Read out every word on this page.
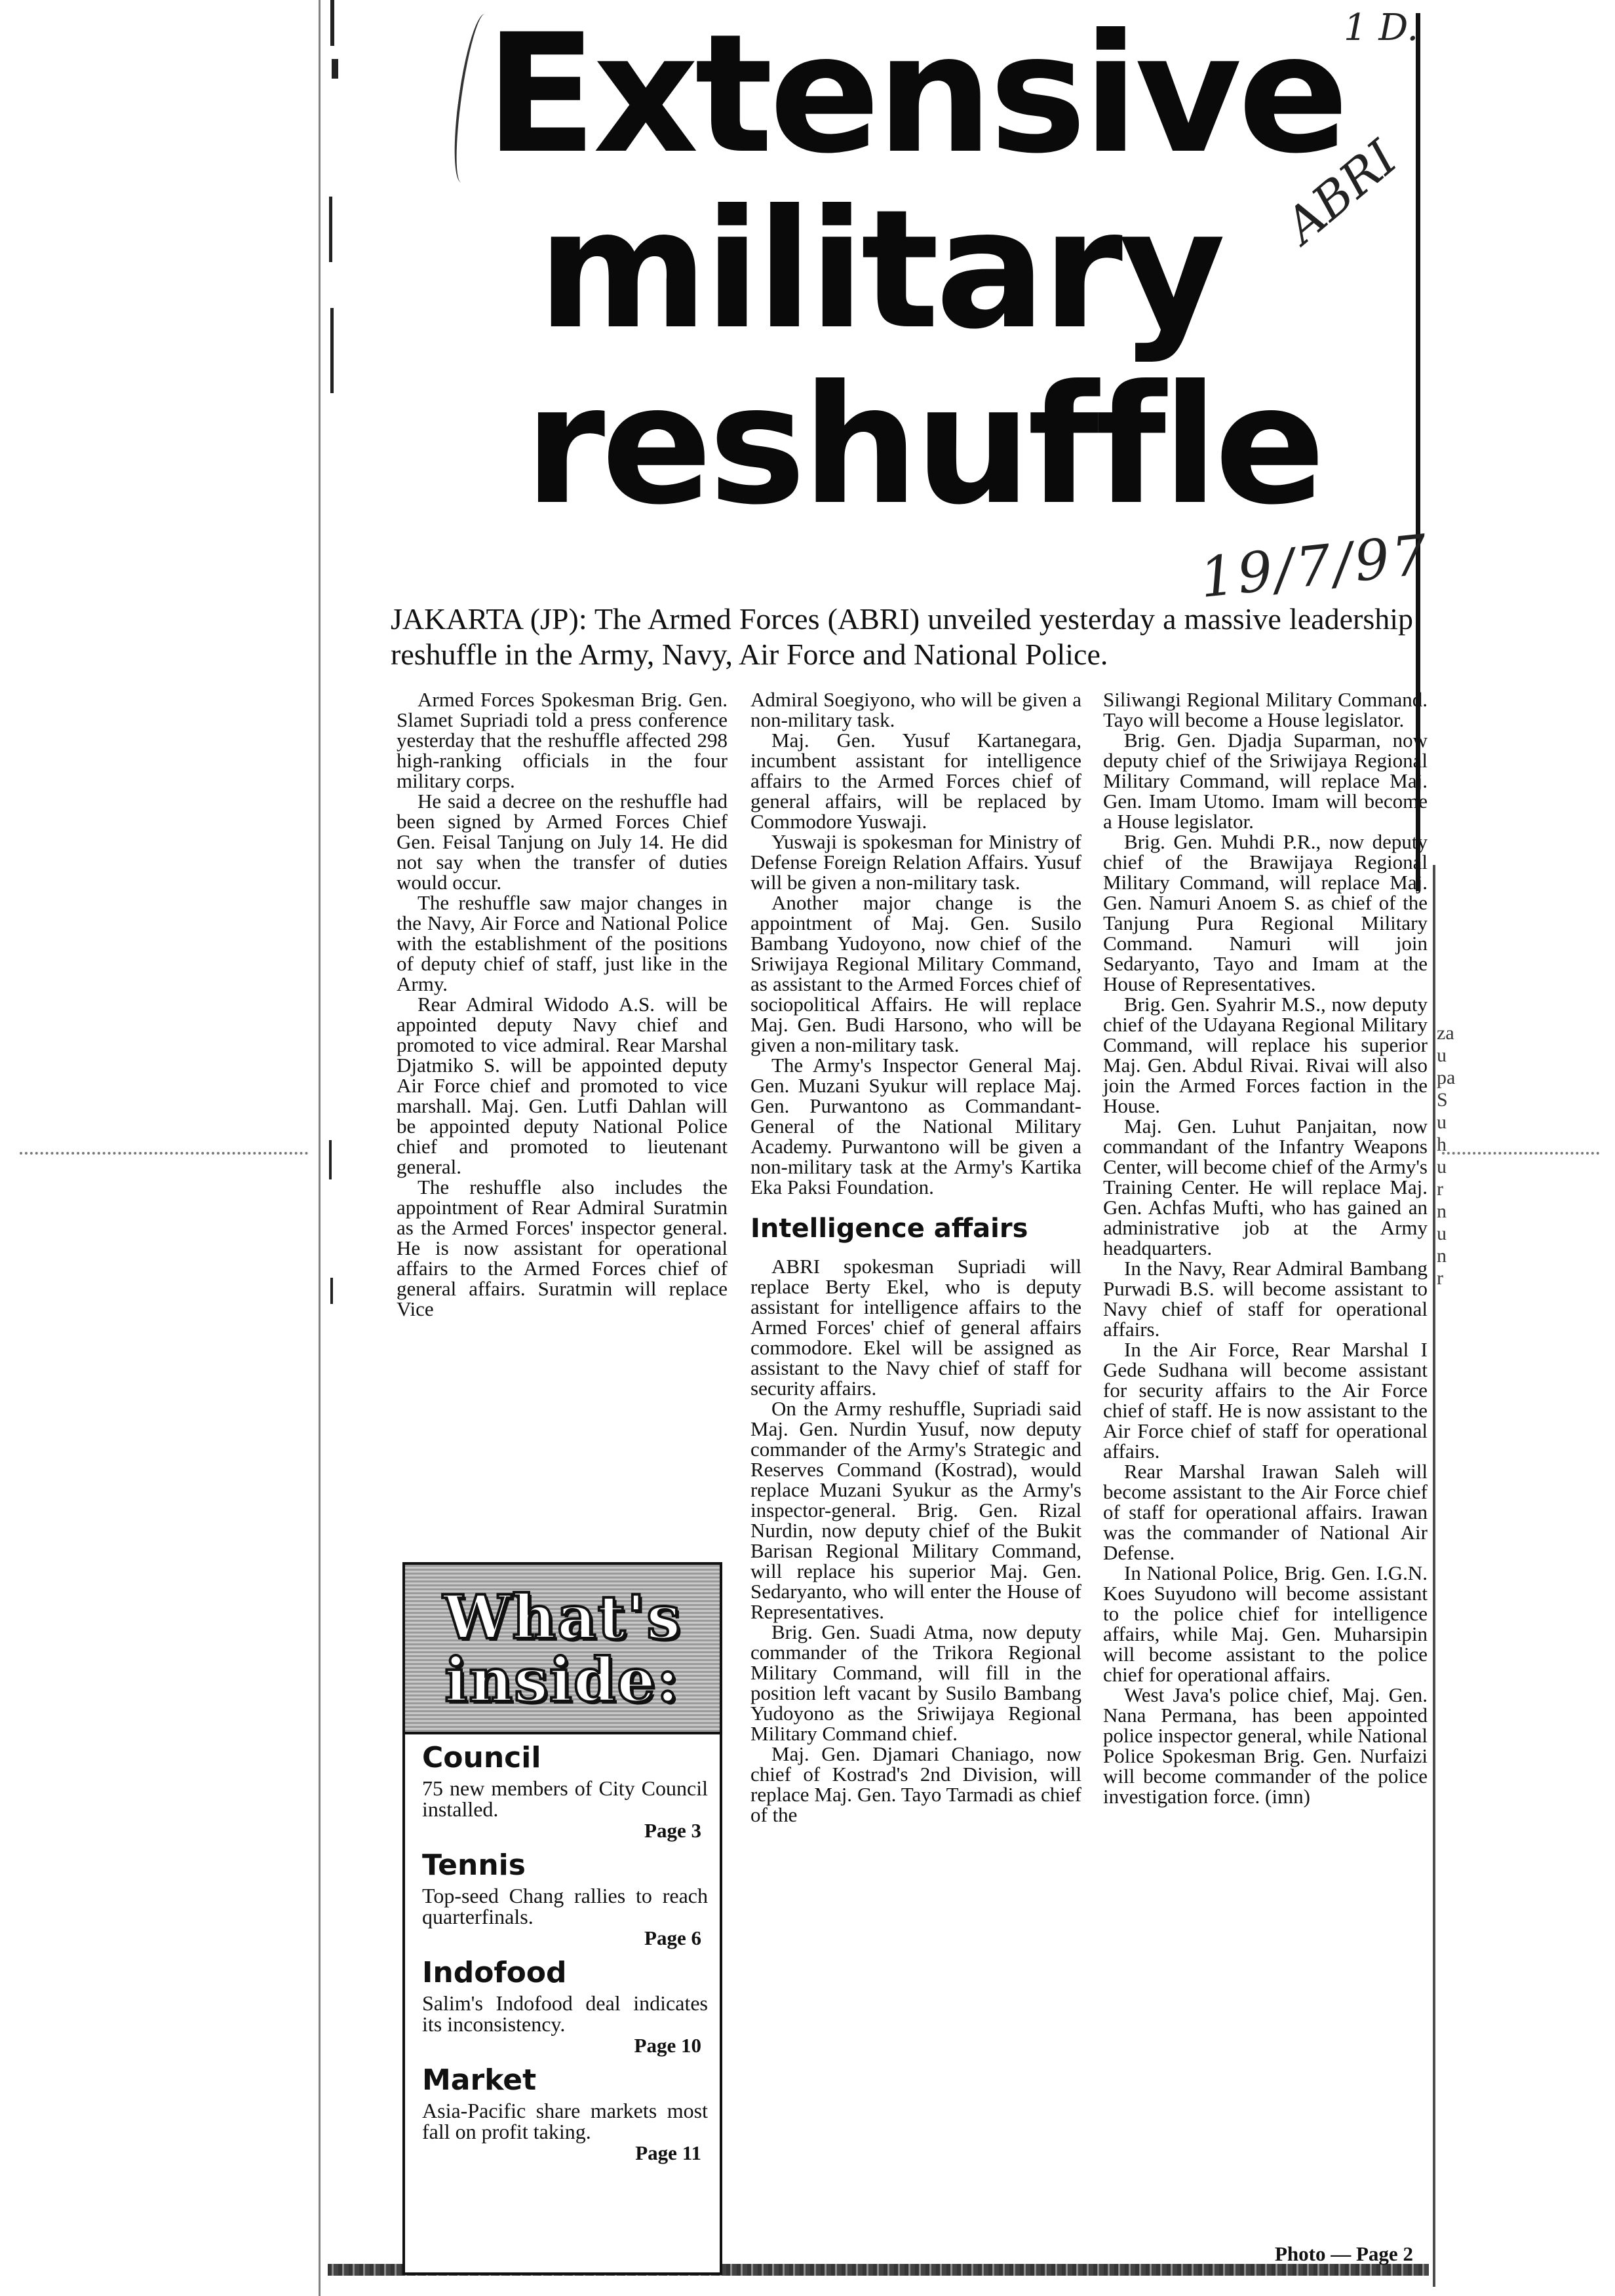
Extensive
military
reshuffle
1 D.
ABRI
19/7/97
JAKARTA (JP): The Armed Forces (ABRI) unveiled yesterday a massive leadership reshuffle in the Army, Navy, Air Force and National Police.

Armed Forces Spokesman Brig. Gen. Slamet Supriadi told a press conference yesterday that the reshuffle affected 298 high-ranking officials in the four military corps.

He said a decree on the reshuffle had been signed by Armed Forces Chief Gen. Feisal Tanjung on July 14. He did not say when the transfer of duties would occur.

The reshuffle saw major changes in the Navy, Air Force and National Police with the establishment of the positions of deputy chief of staff, just like in the Army.

Rear Admiral Widodo A.S. will be appointed deputy Navy chief and promoted to vice admiral. Rear Marshal Djatmiko S. will be appointed deputy Air Force chief and promoted to vice marshall. Maj. Gen. Lutfi Dahlan will be appointed deputy National Police chief and promoted to lieutenant general.

The reshuffle also includes the appointment of Rear Admiral Suratmin as the Armed Forces' inspector general. He is now assistant for operational affairs to the Armed Forces chief of general affairs. Suratmin will replace Vice

Admiral Soegiyono, who will be given a non-military task.

Maj. Gen. Yusuf Kartanegara, incumbent assistant for intelligence affairs to the Armed Forces chief of general affairs, will be replaced by Commodore Yuswaji.

Yuswaji is spokesman for Ministry of Defense Foreign Relation Affairs. Yusuf will be given a non-military task.

Another major change is the appointment of Maj. Gen. Susilo Bambang Yudoyono, now chief of the Sriwijaya Regional Military Command, as assistant to the Armed Forces chief of sociopolitical Affairs. He will replace Maj. Gen. Budi Harsono, who will be given a non-military task.

The Army's Inspector General Maj. Gen. Muzani Syukur will replace Maj. Gen. Purwantono as Commandant-General of the National Military Academy. Purwantono will be given a non-military task at the Army's Kartika Eka Paksi Foundation.

Intelligence affairs

ABRI spokesman Supriadi will replace Berty Ekel, who is deputy assistant for intelligence affairs to the Armed Forces' chief of general affairs commodore. Ekel will be assigned as assistant to the Navy chief of staff for security affairs.

On the Army reshuffle, Supriadi said Maj. Gen. Nurdin Yusuf, now deputy commander of the Army's Strategic and Reserves Command (Kostrad), would replace Muzani Syukur as the Army's inspector-general. Brig. Gen. Rizal Nurdin, now deputy chief of the Bukit Barisan Regional Military Command, will replace his superior Maj. Gen. Sedaryanto, who will enter the House of Representatives.

Brig. Gen. Suadi Atma, now deputy commander of the Trikora Regional Military Command, will fill in the position left vacant by Susilo Bambang Yudoyono as the Sriwijaya Regional Military Command chief.

Maj. Gen. Djamari Chaniago, now chief of Kostrad's 2nd Division, will replace Maj. Gen. Tayo Tarmadi as chief of the

Siliwangi Regional Military Command. Tayo will become a House legislator.

Brig. Gen. Djadja Suparman, now deputy chief of the Sriwijaya Regional Military Command, will replace Maj. Gen. Imam Utomo. Imam will become a House legislator.

Brig. Gen. Muhdi P.R., now deputy chief of the Brawijaya Regional Military Command, will replace Maj. Gen. Namuri Anoem S. as chief of the Tanjung Pura Regional Military Command. Namuri will join Sedaryanto, Tayo and Imam at the House of Representatives.

Brig. Gen. Syahrir M.S., now deputy chief of the Udayana Regional Military Command, will replace his superior Maj. Gen. Abdul Rivai. Rivai will also join the Armed Forces faction in the House.

Maj. Gen. Luhut Panjaitan, now commandant of the Infantry Weapons Center, will become chief of the Army's Training Center. He will replace Maj. Gen. Achfas Mufti, who has gained an administrative job at the Army headquarters.

In the Navy, Rear Admiral Bambang Purwadi B.S. will become assistant to Navy chief of staff for operational affairs.

In the Air Force, Rear Marshal I Gede Sudhana will become assistant for security affairs to the Air Force chief of staff. He is now assistant to the Air Force chief of staff for operational affairs.

Rear Marshal Irawan Saleh will become assistant to the Air Force chief of staff for operational affairs. Irawan was the commander of National Air Defense.

In National Police, Brig. Gen. I.G.N. Koes Suyudono will become assistant to the police chief for intelligence affairs, while Maj. Gen. Muharsipin will become assistant to the police chief for operational affairs.

West Java's police chief, Maj. Gen. Nana Permana, has been appointed police inspector general, while National Police Spokesman Brig. Gen. Nurfaizi will become commander of the police investigation force. (imn)

za
u
pa
S
u
h
u
r
n
u
n
r
What's
inside:
Council
75 new members of City Council installed.
Page 3
Tennis
Top-seed Chang rallies to reach quarterfinals.
Page 6
Indofood
Salim's Indofood deal indicates its inconsistency.
Page 10
Market
Asia-Pacific share markets most fall on profit taking.
Page 11
Photo — Page 2
